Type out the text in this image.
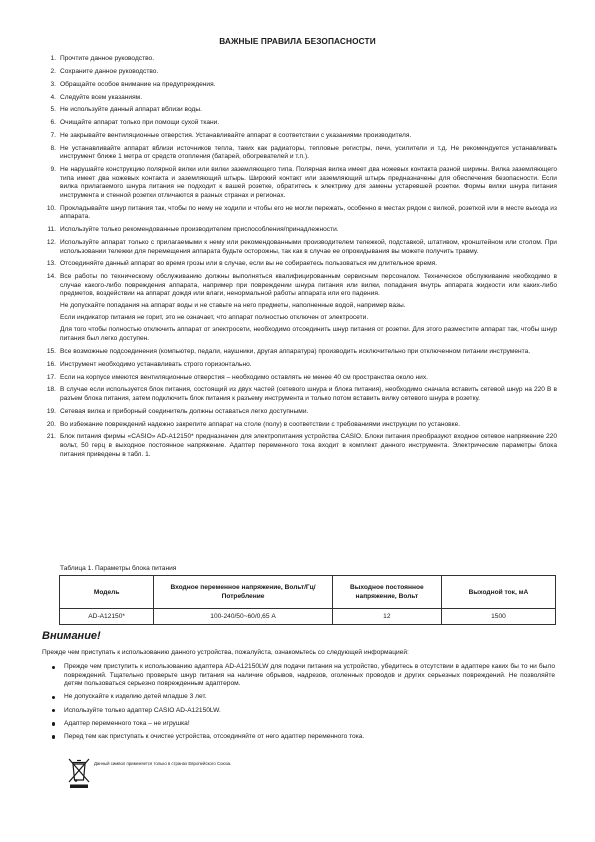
ВАЖНЫЕ ПРАВИЛА БЕЗОПАСНОСТИ
1. Прочтите данное руководство.
2. Сохраните данное руководство.
3. Обращайте особое внимание на предупреждения.
4. Следуйте всем указаниям.
5. Не используйте данный аппарат вблизи воды.
6. Очищайте аппарат только при помощи сухой ткани.
7. Не закрывайте вентиляционные отверстия. Устанавливайте аппарат в соответствии с указаниями производителя.
8. Не устанавливайте аппарат вблизи источников тепла, таких как радиаторы, тепловые регистры, печи, усилители и т.д. Не рекомендуется устанавливать инструмент ближе 1 метра от средств отопления (батарей, обогревателей и т.п.).
9. Не нарушайте конструкцию полярной вилки или вилки заземляющего типа. Полярная вилка имеет два ножевых контакта разной ширины. Вилка заземляющего типа имеет два ножевых контакта и заземляющий штырь. Широкий контакт или заземляющий штырь предназначены для обеспечения безопасности. Если вилка прилагаемого шнура питания не подходит к вашей розетке, обратитесь к электрику для замены устаревшей розетки. Формы вилки шнура питания инструмента и стенной розетки отличаются в разных странах и регионах.
10. Прокладывайте шнур питания так, чтобы по нему не ходили и чтобы его не могли пережать, особенно в местах рядом с вилкой, розеткой или в месте выхода из аппарата.
11. Используйте только рекомендованные производителем приспособления/принадлежности.
12. Используйте аппарат только с прилагаемыми к нему или рекомендованными производителем тележкой, подставкой, штативом, кронштейном или столом. При использовании тележки для перемещения аппарата будьте осторожны, так как в случае ее опрокидывания вы можете получить травму.
13. Отсоединяйте данный аппарат во время грозы или в случае, если вы не собираетесь пользоваться им длительное время.
14. Все работы по техническому обслуживанию должны выполняться квалифицированным сервисным персоналом. Техническое обслуживание необходимо в случае какого-либо повреждения аппарата, например при повреждении шнура питания или вилки, попадания внутрь аппарата жидкости или каких-либо предметов, воздействии на аппарат дождя или влаги, ненормальной работы аппарата или его падения.
Не допускайте попадания на аппарат воды и не ставьте на него предметы, наполненные водой, например вазы.
Если индикатор питания не горит, это не означает, что аппарат полностью отключен от электросети.
Для того чтобы полностью отключить аппарат от электросети, необходимо отсоединить шнур питания от розетки. Для этого разместите аппарат так, чтобы шнур питания был легко доступен.
15. Все возможные подсоединения (компьютер, педали, наушники, другая аппаратура) производить исключительно при отключенном питании инструмента.
16. Инструмент необходимо устанавливать строго горизонтально.
17. Если на корпусе имеются вентиляционные отверстия – необходимо оставлять не менее 40 см пространства около них.
18. В случае если используется блок питания, состоящий из двух частей (сетевого шнура и блока питания), необходимо сначала вставить сетевой шнур на 220 В в разъем блока питания, затем подключить блок питания к разъему инструмента и только потом вставить вилку сетевого шнура в розетку.
19. Сетевая вилка и приборный соединитель должны оставаться легко доступными.
20. Во избежание повреждений надежно закрепите аппарат на столе (полу) в соответствии с требованиями инструкции по установке.
21. Блок питания фирмы «CASIO» AD-A12150* предназначен для электропитания устройства CASIO. Блоки питания преобразуют входное сетевое напряжение 220 вольт, 50 герц в выходное постоянное напряжение. Адаптер переменного тока входит в комплект данного инструмента. Электрические параметры блока питания приведены в табл. 1.
Таблица 1. Параметры блока питания
Модель	Входное переменное напряжение, Вольт/Гц/Потребление	Выходное постоянное напряжение, Вольт	Выходной ток, мА
AD-A12150*	100-240/50~60/0,65 А	12	1500
Внимание!
Прежде чем приступать к использованию данного устройства, пожалуйста, ознакомьтесь со следующей информацией:
Прежде чем приступить к использованию адаптера AD-A12150LW для подачи питания на устройство, убедитесь в отсутствии в адаптере каких бы то ни было повреждений. Тщательно проверьте шнур питания на наличие обрывов, надрезов, оголенных проводов и других серьезных повреждений. Не позволяйте детям пользоваться серьезно поврежденным адаптером.
Не допускайте к изделию детей младше 3 лет.
Используйте только адаптер CASIO AD-A12150LW.
Адаптер переменного тока – не игрушка!
Перед тем как приступать к очистке устройства, отсоединяйте от него адаптер переменного тока.
Данный символ применяется только в странах Европейского Союза.
